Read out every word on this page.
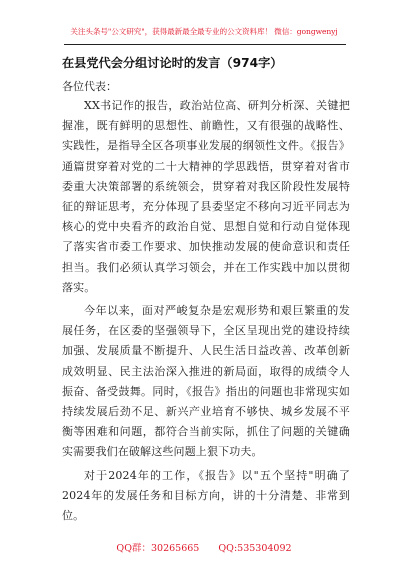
关注头条号"公文研究"，获得最新最全最专业的公文资料库！ 微信：gongwenyj
在县党代会分组讨论时的发言（974字）
各位代表：

XX书记作的报告，政治站位高、研判分析深、关键把握准，既有鲜明的思想性、前瞻性，又有很强的战略性、实践性，是指导全区各项事业发展的纲领性文件。《报告》通篇贯穿着对党的二十大精神的学思践悟，贯穿着对省市委重大决策部署的系统领会，贯穿着对我区阶段性发展特征的辩证思考，充分体现了县委坚定不移向习近平同志为核心的党中央看齐的政治自觉、思想自觉和行动自觉体现了落实省市委工作要求、加快推动发展的使命意识和责任担当。我们必须认真学习领会，并在工作实践中加以贯彻落实。

今年以来，面对严峻复杂是宏观形势和艰巨繁重的发展任务，在区委的坚强领导下，全区呈现出党的建设持续加强、发展质量不断提升、人民生活日益改善、改革创新成效明显、民主法治深入推进的新局面，取得的成绩令人振奋、备受鼓舞。同时，《报告》指出的问题也非常现实如持续发展后劲不足、新兴产业培育不够快、城乡发展不平衡等困难和问题，都符合当前实际，抓住了问题的关键确实需要我们在破解这些问题上狠下功夫。

对于2024年的工作，《报告》以"五个坚持"明确了2024年的发展任务和目标方向，讲的十分清楚、非常到位。

QQ群：30265665 QQ:535304092
